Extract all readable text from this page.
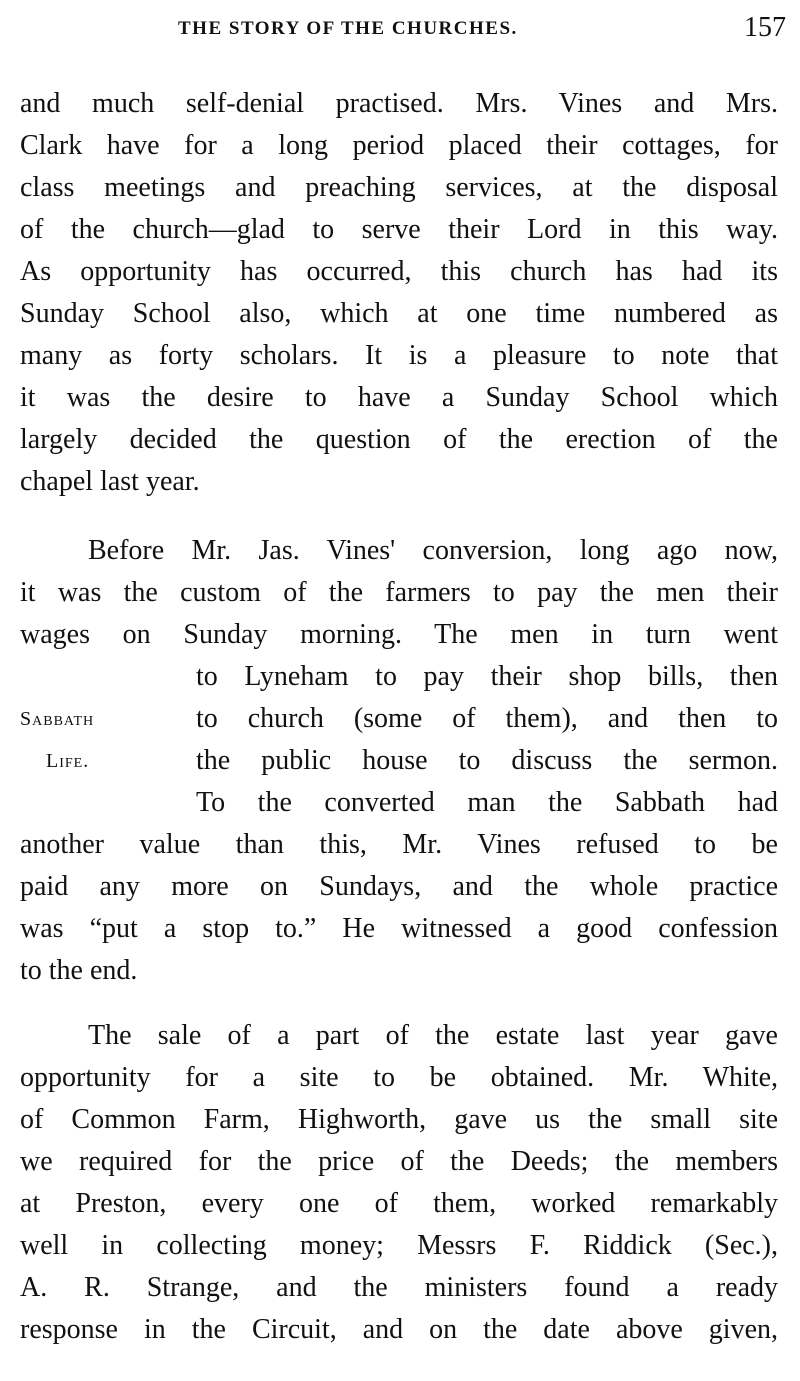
THE STORY OF THE CHURCHES.	157
and much self-denial practised. Mrs. Vines and Mrs.
Clark have for a long period placed their cottages, for
class meetings and preaching services, at the disposal
of the church—glad to serve their Lord in this way.
As opportunity has occurred, this church has had its
Sunday School also, which at one time numbered as
many as forty scholars. It is a pleasure to note that
it was the desire to have a Sunday School which
largely decided the question of the erection of the
chapel last year.
Before Mr. Jas. Vines' conversion, long ago now,
it was the custom of the farmers to pay the men their
wages on Sunday morning. The men in turn went
to Lyneham to pay their shop bills, then
to church (some of them), and then to
the public house to discuss the sermon.
To the converted man the Sabbath had
another value than this, Mr. Vines refused to be
paid any more on Sundays, and the whole practice
was “put a stop to.” He witnessed a good confession
to the end.
Sabbath
Life.
The sale of a part of the estate last year gave
opportunity for a site to be obtained. Mr. White,
of Common Farm, Highworth, gave us the small site
we required for the price of the Deeds; the members
at Preston, every one of them, worked remarkably
well in collecting money; Messrs F. Riddick (Sec.),
A. R. Strange, and the ministers found a ready
response in the Circuit, and on the date above given,
